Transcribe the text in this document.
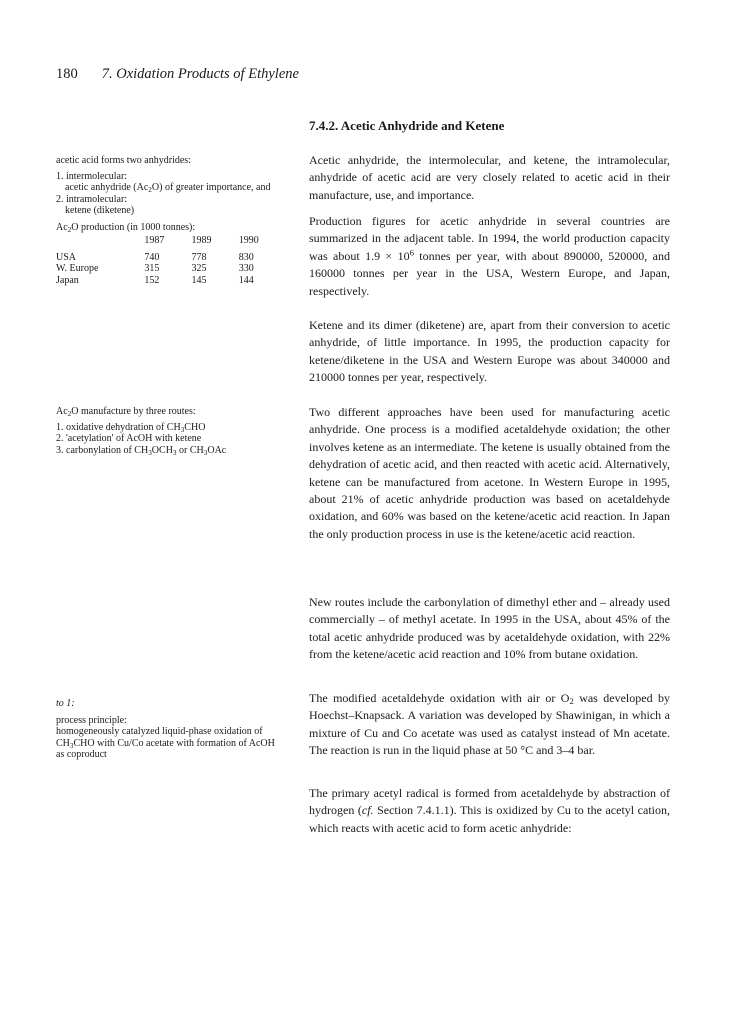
180 7. Oxidation Products of Ethylene
7.4.2. Acetic Anhydride and Ketene

acetic acid forms two anhydrides:

1. intermolecular:
acetic anhydride $(Ac_2O)$ of greater importance, and
2. intramolecular:
ketene (diketene)

$Ac_2O$ production (in 1000 tonnes):

	1987	1989	1990
USA	740	778	830
W. Europe	315	325	330
Japan	152	145	144

$Ac_2O$ manufacture by three routes:

1. oxidative dehydration of $CH_3CHO$
2. 'acetylation' of AcOH with ketene
3. carbonylation of $CH_3OCH_3$ or $CH_3OAc$

to 1:

process principle:

homogeneously catalyzed liquid-phase oxidation of $CH_3CHO$ with Cu/Co acetate with formation of AcOH as coproduct

Acetic anhydride, the intermolecular, and ketene, the intramolecular, anhydride of acetic acid are very closely related to acetic acid in their manufacture, use, and importance.

Production figures for acetic anhydride in several countries are summarized in the adjacent table. In 1994, the world production capacity was about $1.9 \times 10^6$ tonnes per year, with about 890000, 520000, and 160000 tonnes per year in the USA, Western Europe, and Japan, respectively.

Ketene and its dimer (diketene) are, apart from their conversion to acetic anhydride, of little importance. In 1995, the production capacity for ketene/diketene in the USA and Western Europe was about 340000 and 210000 tonnes per year, respectively.

Two different approaches have been used for manufacturing acetic anhydride. One process is a modified acetaldehyde oxidation; the other involves ketene as an intermediate. The ketene is usually obtained from the dehydration of acetic acid, and then reacted with acetic acid. Alternatively, ketene can be manufactured from acetone. In Western Europe in 1995, about 21% of acetic anhydride production was based on acetaldehyde oxidation, and 60% was based on the ketene/acetic acid reaction. In Japan the only production process in use is the ketene/acetic acid reaction.

New routes include the carbonylation of dimethyl ether and – already used commercially – of methyl acetate. In 1995 in the USA, about 45% of the total acetic anhydride produced was by acetaldehyde oxidation, with 22% from the ketene/acetic acid reaction and 10% from butane oxidation.

The modified acetaldehyde oxidation with air or $O_2$ was developed by Hoechst–Knapsack. A variation was developed by Shawinigan, in which a mixture of Cu and Co acetate was used as catalyst instead of Mn acetate. The reaction is run in the liquid phase at 50 °C and 3–4 bar.

The primary acetyl radical is formed from acetaldehyde by abstraction of hydrogen (cf. Section 7.4.1.1). This is oxidized by Cu to the acetyl cation, which reacts with acetic acid to form acetic anhydride:
